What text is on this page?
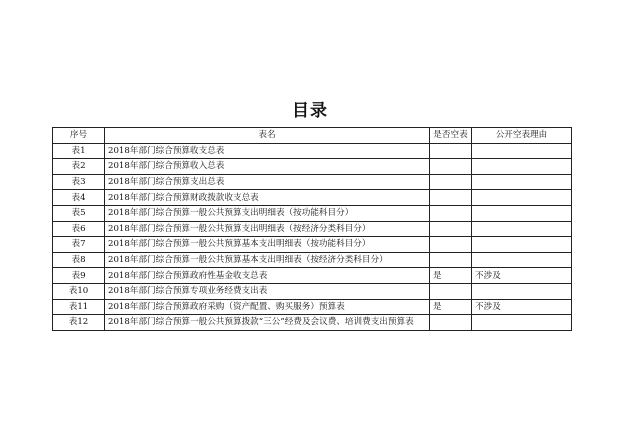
目录
序号	表名	是否空表	公开空表理由
表1	2018年部门综合预算收支总表		
表2	2018年部门综合预算收入总表		
表3	2018年部门综合预算支出总表		
表4	2018年部门综合预算财政拨款收支总表		
表5	2018年部门综合预算一般公共预算支出明细表（按功能科目分）		
表6	2018年部门综合预算一般公共预算支出明细表（按经济分类科目分）		
表7	2018年部门综合预算一般公共预算基本支出明细表（按功能科目分）		
表8	2018年部门综合预算一般公共预算基本支出明细表（按经济分类科目分）		
表9	2018年部门综合预算政府性基金收支总表	是	不涉及
表10	2018年部门综合预算专项业务经费支出表		
表11	2018年部门综合预算政府采购（资产配置、购买服务）预算表	是	不涉及
表12	2018年部门综合预算一般公共预算拨款“三公”经费及会议费、培训费支出预算表		
